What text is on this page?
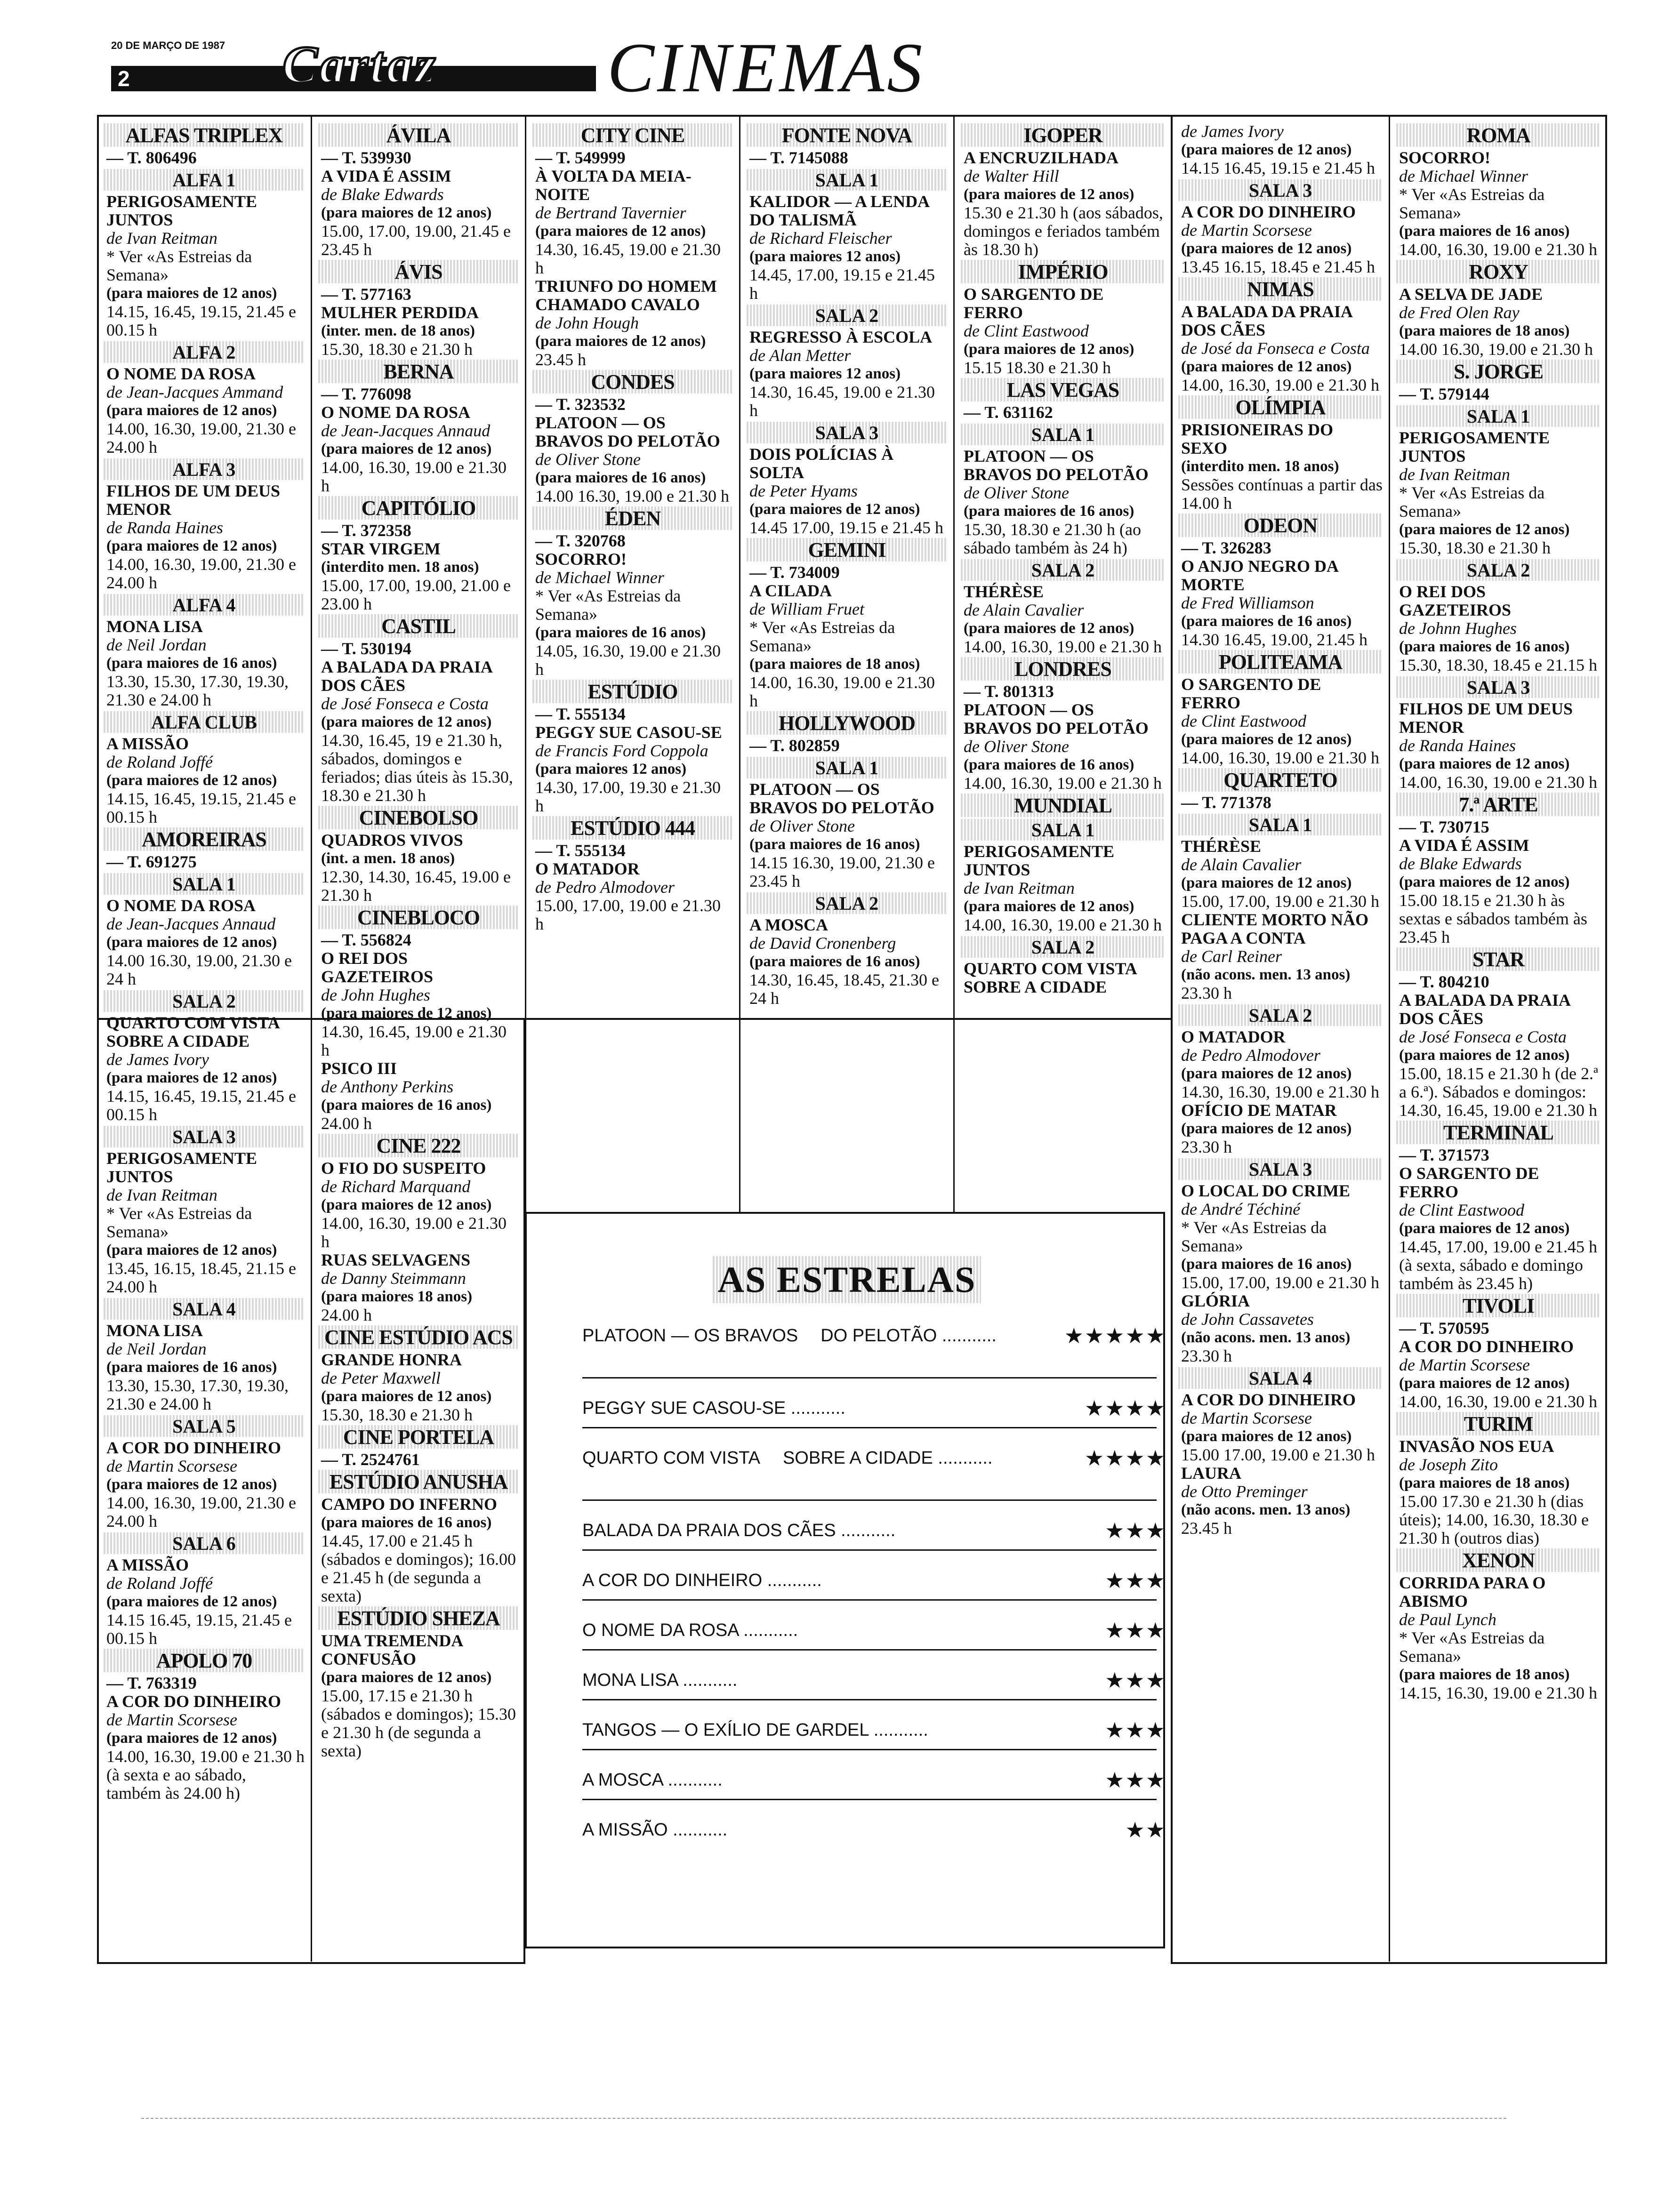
20 DE MARÇO DE 1987
2	Cartaz CINEMAS
ALFAS TRIPLEX
— T. 806496
ALFA 1
PERIGOSAMENTE JUNTOS
de Ivan Reitman
* Ver «As Estreias da Semana»
(para maiores de 12 anos)
14.15, 16.45, 19.15, 21.45 e 00.15 h
ALFA 2
O NOME DA ROSA
de Jean-Jacques Ammand
(para maiores de 12 anos)
14.00, 16.30, 19.00, 21.30 e 24.00 h
ALFA 3
FILHOS DE UM DEUS MENOR
de Randa Haines
(para maiores de 12 anos)
14.00, 16.30, 19.00, 21.30 e 24.00 h
ALFA 4
MONA LISA
de Neil Jordan
(para maiores de 16 anos)
13.30, 15.30, 17.30, 19.30, 21.30 e 24.00 h
ALFA CLUB
A MISSÃO
de Roland Joffé
(para maiores de 12 anos)
14.15, 16.45, 19.15, 21.45 e 00.15 h
AMOREIRAS
— T. 691275
SALA 1
O NOME DA ROSA
de Jean-Jacques Annaud
(para maiores de 12 anos)
14.00 16.30, 19.00, 21.30 e 24 h
SALA 2
QUARTO COM VISTA SOBRE A CIDADE
de James Ivory
(para maiores de 12 anos)
14.15, 16.45, 19.15, 21.45 e 00.15 h
SALA 3
PERIGOSAMENTE JUNTOS
de Ivan Reitman
* Ver «As Estreias da Semana»
(para maiores de 12 anos)
13.45, 16.15, 18.45, 21.15 e 24.00 h
SALA 4
MONA LISA
de Neil Jordan
(para maiores de 16 anos)
13.30, 15.30, 17.30, 19.30, 21.30 e 24.00 h
SALA 5
A COR DO DINHEIRO
de Martin Scorsese
(para maiores de 12 anos)
14.00, 16.30, 19.00, 21.30 e 24.00 h
SALA 6
A MISSÃO
de Roland Joffé
(para maiores de 12 anos)
14.15 16.45, 19.15, 21.45 e 00.15 h
APOLO 70
— T. 763319
A COR DO DINHEIRO
de Martin Scorsese
(para maiores de 12 anos)
14.00, 16.30, 19.00 e 21.30 h (à sexta e ao sábado, também às 24.00 h)
ÁVILA
— T. 539930
A VIDA É ASSIM
de Blake Edwards
(para maiores de 12 anos)
15.00, 17.00, 19.00, 21.45 e 23.45 h
ÁVIS
— T. 577163
MULHER PERDIDA
(inter. men. de 18 anos)
15.30, 18.30 e 21.30 h
BERNA
— T. 776098
O NOME DA ROSA
de Jean-Jacques Annaud
(para maiores de 12 anos)
14.00, 16.30, 19.00 e 21.30 h
CAPITÓLIO
— T. 372358
STAR VIRGEM
(interdito men. 18 anos)
15.00, 17.00, 19.00, 21.00 e 23.00 h
CASTIL
— T. 530194
A BALADA DA PRAIA DOS CÃES
de José Fonseca e Costa
(para maiores de 12 anos)
14.30, 16.45, 19 e 21.30 h, sábados, domingos e feriados; dias úteis às 15.30, 18.30 e 21.30 h
CINEBOLSO
QUADROS VIVOS
(int. a men. 18 anos)
12.30, 14.30, 16.45, 19.00 e 21.30 h
CINEBLOCO
— T. 556824
O REI DOS GAZETEIROS
de John Hughes
(para maiores de 12 anos)
14.30, 16.45, 19.00 e 21.30 h
PSICO III
de Anthony Perkins
(para maiores de 16 anos)
24.00 h
CINE 222
O FIO DO SUSPEITO
de Richard Marquand
(para maiores de 12 anos)
14.00, 16.30, 19.00 e 21.30 h
RUAS SELVAGENS
de Danny Steimmann
(para maiores 18 anos)
24.00 h
CINE ESTÚDIO ACS
GRANDE HONRA
de Peter Maxwell
(para maiores de 12 anos)
15.30, 18.30 e 21.30 h
CINE PORTELA
— T. 2524761
ESTÚDIO ANUSHA
CAMPO DO INFERNO
(para maiores de 16 anos)
14.45, 17.00 e 21.45 h (sábados e domingos); 16.00 e 21.45 h (de segunda a sexta)
ESTÚDIO SHEZA
UMA TREMENDA CONFUSÃO
(para maiores de 12 anos)
15.00, 17.15 e 21.30 h (sábados e domingos); 15.30 e 21.30 h (de segunda a sexta)
CITY CINE
— T. 549999
À VOLTA DA MEIA-NOITE
de Bertrand Tavernier
(para maiores de 12 anos)
14.30, 16.45, 19.00 e 21.30 h
TRIUNFO DO HOMEM CHAMADO CAVALO
de John Hough
(para maiores de 12 anos)
23.45 h
CONDES
— T. 323532
PLATOON — OS BRAVOS DO PELOTÃO
de Oliver Stone
(para maiores de 16 anos)
14.00 16.30, 19.00 e 21.30 h
ÉDEN
— T. 320768
SOCORRO!
de Michael Winner
* Ver «As Estreias da Semana»
(para maiores de 16 anos)
14.05, 16.30, 19.00 e 21.30 h
ESTÚDIO
— T. 555134
PEGGY SUE CASOU-SE
de Francis Ford Coppola
(para maiores 12 anos)
14.30, 17.00, 19.30 e 21.30 h
ESTÚDIO 444
— T. 555134
O MATADOR
de Pedro Almodover
15.00, 17.00, 19.00 e 21.30 h
FONTE NOVA
— T. 7145088
SALA 1
KALIDOR — A LENDA DO TALISMÃ
de Richard Fleischer
(para maiores 12 anos)
14.45, 17.00, 19.15 e 21.45 h
SALA 2
REGRESSO À ESCOLA
de Alan Metter
(para maiores 12 anos)
14.30, 16.45, 19.00 e 21.30 h
SALA 3
DOIS POLÍCIAS À SOLTA
de Peter Hyams
(para maiores de 12 anos)
14.45 17.00, 19.15 e 21.45 h
GEMINI
— T. 734009
A CILADA
de William Fruet
* Ver «As Estreias da Semana»
(para maiores de 18 anos)
14.00, 16.30, 19.00 e 21.30 h
HOLLYWOOD
— T. 802859
SALA 1
PLATOON — OS BRAVOS DO PELOTÃO
de Oliver Stone
(para maiores de 16 anos)
14.15 16.30, 19.00, 21.30 e 23.45 h
SALA 2
A MOSCA
de David Cronenberg
(para maiores de 16 anos)
14.30, 16.45, 18.45, 21.30 e 24 h
IGOPER
A ENCRUZILHADA
de Walter Hill
(para maiores de 12 anos)
15.30 e 21.30 h (aos sábados, domingos e feriados também às 18.30 h)
IMPÉRIO
O SARGENTO DE FERRO
de Clint Eastwood
(para maiores de 12 anos)
15.15 18.30 e 21.30 h
LAS VEGAS
— T. 631162
SALA 1
PLATOON — OS BRAVOS DO PELOTÃO
de Oliver Stone
(para maiores de 16 anos)
15.30, 18.30 e 21.30 h (ao sábado também às 24 h)
SALA 2
THÉRÈSE
de Alain Cavalier
(para maiores de 12 anos)
14.00, 16.30, 19.00 e 21.30 h
LONDRES
— T. 801313
PLATOON — OS BRAVOS DO PELOTÃO
de Oliver Stone
(para maiores de 16 anos)
14.00, 16.30, 19.00 e 21.30 h
MUNDIAL
SALA 1
PERIGOSAMENTE JUNTOS
de Ivan Reitman
(para maiores de 12 anos)
14.00, 16.30, 19.00 e 21.30 h
SALA 2
QUARTO COM VISTA SOBRE A CIDADE
de James Ivory
(para maiores de 12 anos)
14.15 16.45, 19.15 e 21.45 h
SALA 3
A COR DO DINHEIRO
de Martin Scorsese
(para maiores de 12 anos)
13.45 16.15, 18.45 e 21.45 h
NIMAS
A BALADA DA PRAIA DOS CÃES
de José da Fonseca e Costa
(para maiores de 12 anos)
14.00, 16.30, 19.00 e 21.30 h
OLÍMPIA
PRISIONEIRAS DO SEXO
(interdito men. 18 anos)
Sessões contínuas a partir das 14.00 h
ODEON
— T. 326283
O ANJO NEGRO DA MORTE
de Fred Williamson
(para maiores de 16 anos)
14.30 16.45, 19.00, 21.45 h
POLITEAMA
O SARGENTO DE FERRO
de Clint Eastwood
(para maiores de 12 anos)
14.00, 16.30, 19.00 e 21.30 h
QUARTETO
— T. 771378
SALA 1
THÉRÈSE
de Alain Cavalier
(para maiores de 12 anos)
15.00, 17.00, 19.00 e 21.30 h
CLIENTE MORTO NÃO PAGA A CONTA
de Carl Reiner
(não acons. men. 13 anos)
23.30 h
SALA 2
O MATADOR
de Pedro Almodover
(para maiores de 12 anos)
14.30, 16.30, 19.00 e 21.30 h
OFÍCIO DE MATAR
(para maiores de 12 anos)
23.30 h
SALA 3
O LOCAL DO CRIME
de André Téchiné
* Ver «As Estreias da Semana»
(para maiores de 16 anos)
15.00, 17.00, 19.00 e 21.30 h
GLÓRIA
de John Cassavetes
(não acons. men. 13 anos)
23.30 h
SALA 4
A COR DO DINHEIRO
de Martin Scorsese
(para maiores de 12 anos)
15.00 17.00, 19.00 e 21.30 h
LAURA
de Otto Preminger
(não acons. men. 13 anos)
23.45 h
ROMA
SOCORRO!
de Michael Winner
* Ver «As Estreias da Semana»
(para maiores de 16 anos)
14.00, 16.30, 19.00 e 21.30 h
ROXY
A SELVA DE JADE
de Fred Olen Ray
(para maiores de 18 anos)
14.00 16.30, 19.00 e 21.30 h
S. JORGE
— T. 579144
SALA 1
PERIGOSAMENTE JUNTOS
de Ivan Reitman
* Ver «As Estreias da Semana»
(para maiores de 12 anos)
15.30, 18.30 e 21.30 h
SALA 2
O REI DOS GAZETEIROS
de Johnn Hughes
(para maiores de 16 anos)
15.30, 18.30, 18.45 e 21.15 h
SALA 3
FILHOS DE UM DEUS MENOR
de Randa Haines
(para maiores de 12 anos)
14.00, 16.30, 19.00 e 21.30 h
7.ª ARTE
— T. 730715
A VIDA É ASSIM
de Blake Edwards
(para maiores de 12 anos)
15.00 18.15 e 21.30 h às sextas e sábados também às 23.45 h
STAR
— T. 804210
A BALADA DA PRAIA DOS CÃES
de José Fonseca e Costa
(para maiores de 12 anos)
15.00, 18.15 e 21.30 h (de 2.ª a 6.ª). Sábados e domingos: 14.30, 16.45, 19.00 e 21.30 h
TERMINAL
— T. 371573
O SARGENTO DE FERRO
de Clint Eastwood
(para maiores de 12 anos)
14.45, 17.00, 19.00 e 21.45 h (à sexta, sábado e domingo também às 23.45 h)
TIVOLI
— T. 570595
A COR DO DINHEIRO
de Martin Scorsese
(para maiores de 12 anos)
14.00, 16.30, 19.00 e 21.30 h
TURIM
INVASÃO NOS EUA
de Joseph Zito
(para maiores de 18 anos)
15.00 17.30 e 21.30 h (dias úteis); 14.00, 16.30, 18.30 e 21.30 h (outros dias)
XENON
CORRIDA PARA O ABISMO
de Paul Lynch
* Ver «As Estreias da Semana»
(para maiores de 18 anos)
14.15, 16.30, 19.00 e 21.30 h
AS ESTRELAS
PLATOON — OS BRAVOS DO PELOTÃO ...........	★★★★★
PEGGY SUE CASOU-SE ...........	★★★★
QUARTO COM VISTA SOBRE A CIDADE ...........	★★★★
BALADA DA PRAIA DOS CÃES ...........	★★★
A COR DO DINHEIRO ...........	★★★
O NOME DA ROSA ...........	★★★
MONA LISA ...........	★★★
TANGOS — O EXÍLIO DE GARDEL ...........	★★★
A MOSCA ...........	★★★
A MISSÃO ...........	★★
